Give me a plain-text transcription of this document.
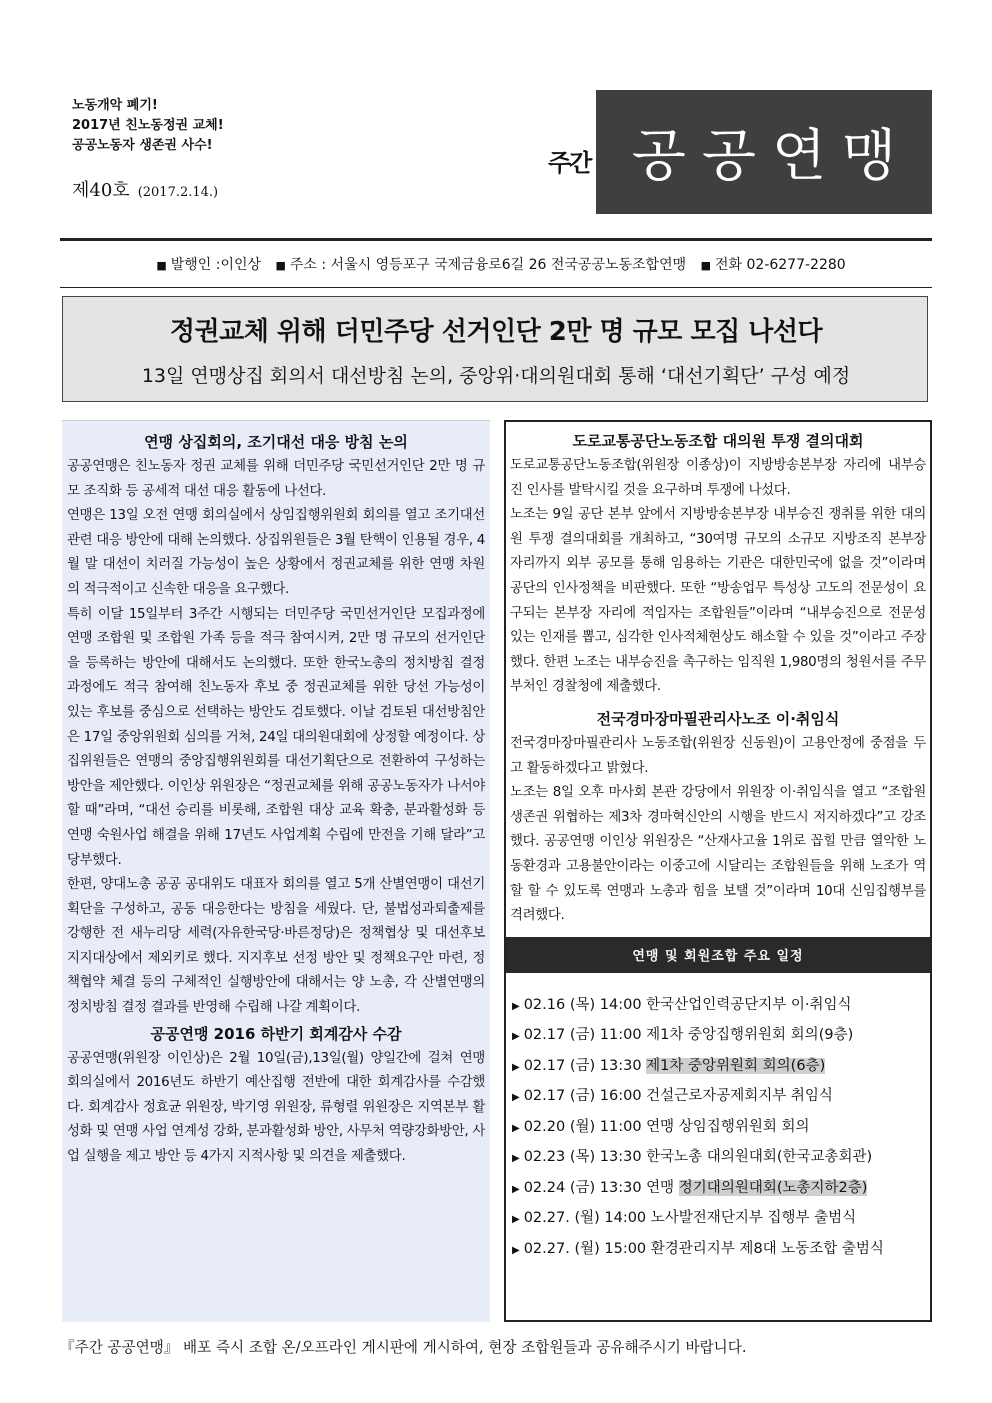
노동개악 폐기!
2017년 친노동정권 교체!
공공노동자 생존권 사수!
제40호 (2017.2.14.)
주간 공공연맹
■ 발행인 :이인상 ■ 주소 : 서울시 영등포구 국제금융로6길 26 전국공공노동조합연맹 ■ 전화 02-6277-2280
정권교체 위해 더민주당 선거인단 2만 명 규모 모집 나선다
13일 연맹상집 회의서 대선방침 논의, 중앙위·대의원대회 통해 ‘대선기획단’ 구성 예정
연맹 상집회의, 조기대선 대응 방침 논의

공공연맹은 친노동자 정권 교체를 위해 더민주당 국민선거인단 2만 명 규모 조직화 등 공세적 대선 대응 활동에 나선다.

연맹은 13일 오전 연맹 회의실에서 상임집행위원회 회의를 열고 조기대선관련 대응 방안에 대해 논의했다. 상집위원들은 3월 탄핵이 인용될 경우, 4월 말 대선이 치러질 가능성이 높은 상황에서 정권교체를 위한 연맹 차원의 적극적이고 신속한 대응을 요구했다.

특히 이달 15일부터 3주간 시행되는 더민주당 국민선거인단 모집과정에 연맹 조합원 및 조합원 가족 등을 적극 참여시켜, 2만 명 규모의 선거인단을 등록하는 방안에 대해서도 논의했다. 또한 한국노총의 정치방침 결정 과정에도 적극 참여해 친노동자 후보 중 정권교체를 위한 당선 가능성이 있는 후보를 중심으로 선택하는 방안도 검토했다. 이날 검토된 대선방침안은 17일 중앙위원회 심의를 거쳐, 24일 대의원대회에 상정할 예정이다. 상집위원들은 연맹의 중앙집행위원회를 대선기획단으로 전환하여 구성하는 방안을 제안했다. 이인상 위원장은 “정권교체를 위해 공공노동자가 나서야 할 때”라며, “대선 승리를 비롯해, 조합원 대상 교육 확충, 분과활성화 등 연맹 숙원사업 해결을 위해 17년도 사업계획 수립에 만전을 기해 달라”고 당부했다.

한편, 양대노총 공공 공대위도 대표자 회의를 열고 5개 산별연맹이 대선기획단을 구성하고, 공동 대응한다는 방침을 세웠다. 단, 불법성과퇴출제를 강행한 전 새누리당 세력(자유한국당·바른정당)은 정책협상 및 대선후보 지지대상에서 제외키로 했다. 지지후보 선정 방안 및 정책요구안 마련, 정책협약 체결 등의 구체적인 실행방안에 대해서는 양 노총, 각 산별연맹의 정치방침 결정 결과를 반영해 수립해 나갈 계획이다.

공공연맹 2016 하반기 회계감사 수감

공공연맹(위원장 이인상)은 2월 10일(금),13일(월) 양일간에 걸쳐 연맹 회의실에서 2016년도 하반기 예산집행 전반에 대한 회계감사를 수감했다. 회계감사 정효균 위원장, 박기영 위원장, 류형렬 위원장은 지역본부 활성화 및 연맹 사업 연계성 강화, 분과활성화 방안, 사무처 역량강화방안, 사업 실행을 제고 방안 등 4가지 지적사항 및 의견을 제출했다.

도로교통공단노동조합 대의원 투쟁 결의대회

도로교통공단노동조합(위원장 이종상)이 지방방송본부장 자리에 내부승진 인사를 발탁시킬 것을 요구하며 투쟁에 나섰다.

노조는 9일 공단 본부 앞에서 지방방송본부장 내부승진 쟁취를 위한 대의원 투쟁 결의대회를 개최하고, “30여명 규모의 소규모 지방조직 본부장 자리까지 외부 공모를 통해 임용하는 기관은 대한민국에 없을 것”이라며 공단의 인사정책을 비판했다. 또한 “방송업무 특성상 고도의 전문성이 요구되는 본부장 자리에 적임자는 조합원들”이라며 “내부승진으로 전문성 있는 인재를 뽑고, 심각한 인사적체현상도 해소할 수 있을 것”이라고 주장했다. 한편 노조는 내부승진을 촉구하는 임직원 1,980명의 청원서를 주무부처인 경찰청에 제출했다.

전국경마장마필관리사노조 이·취임식

전국경마장마필관리사 노동조합(위원장 신동원)이 고용안정에 중점을 두고 활동하겠다고 밝혔다.

노조는 8일 오후 마사회 본관 강당에서 위원장 이·취임식을 열고 “조합원 생존권 위협하는 제3차 경마혁신안의 시행을 반드시 저지하겠다”고 강조했다. 공공연맹 이인상 위원장은 “산재사고율 1위로 꼽힐 만큼 열악한 노동환경과 고용불안이라는 이중고에 시달리는 조합원들을 위해 노조가 역할 할 수 있도록 연맹과 노총과 힘을 보탤 것”이라며 10대 신임집행부를 격려했다.

연맹 및 회원조합 주요 일정
▶ 02.16 (목) 14:00 한국산업인력공단지부 이·취임식
▶ 02.17 (금) 11:00 제1차 중앙집행위원회 회의(9층)
▶ 02.17 (금) 13:30 제1차 중앙위원회 회의(6층)
▶ 02.17 (금) 16:00 건설근로자공제회지부 취임식
▶ 02.20 (월) 11:00 연맹 상임집행위원회 회의
▶ 02.23 (목) 13:30 한국노총 대의원대회(한국교총회관)
▶ 02.24 (금) 13:30 연맹 정기대의원대회(노총지하2층)
▶ 02.27. (월) 14:00 노사발전재단지부 집행부 출범식
▶ 02.27. (월) 15:00 환경관리지부 제8대 노동조합 출범식
『주간 공공연맹』 배포 즉시 조합 온/오프라인 게시판에 게시하여, 현장 조합원들과 공유해주시기 바랍니다.
